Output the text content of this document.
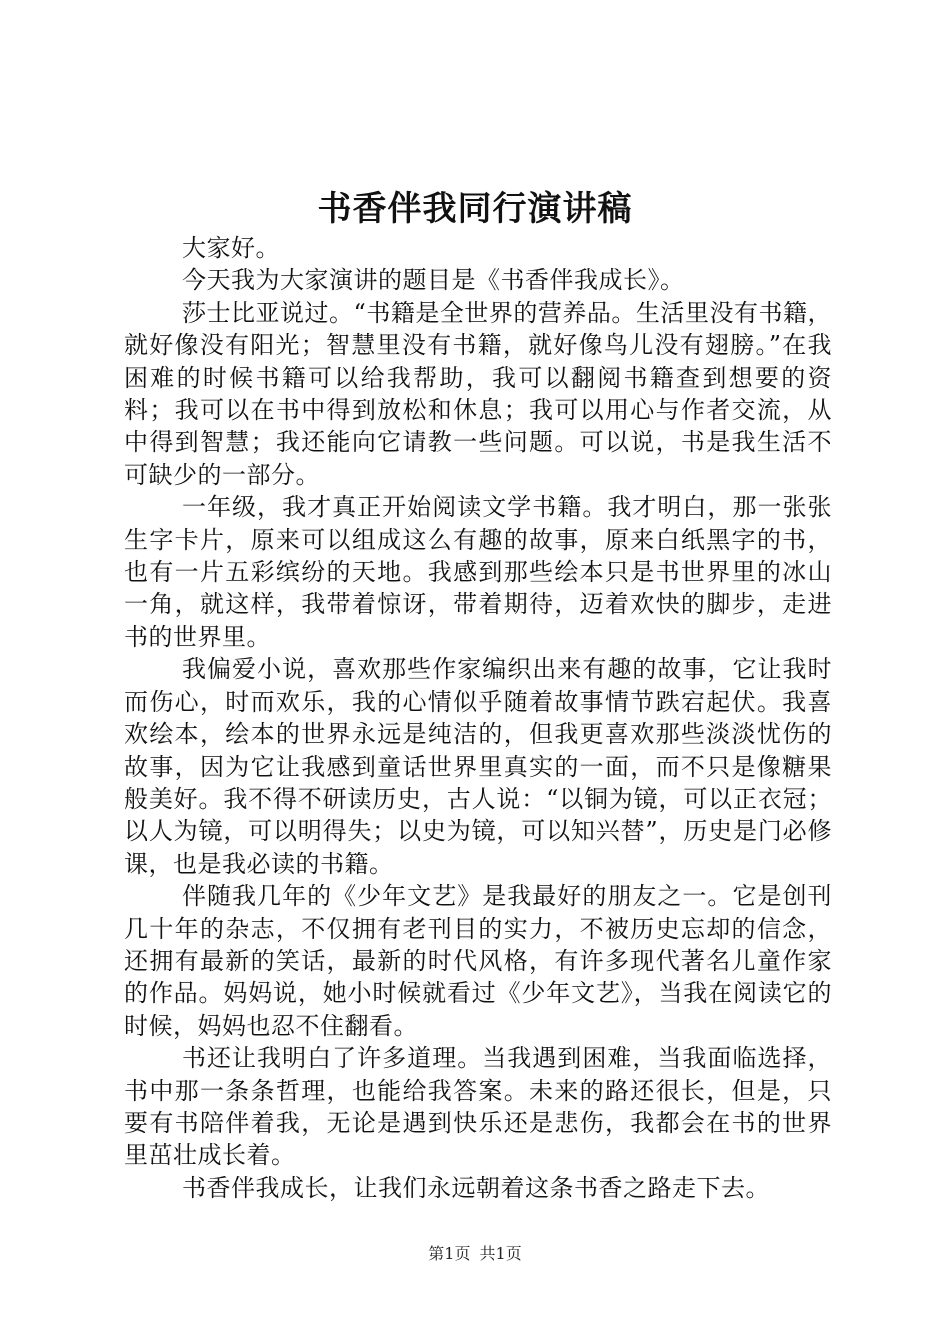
书香伴我同行演讲稿

大家好。

今天我为大家演讲的题目是《书香伴我成长》。

莎士比亚说过。“书籍是全世界的营养品。生活里没有书籍，就好像没有阳光；智慧里没有书籍，就好像鸟儿没有翅膀。”在我困难的时候书籍可以给我帮助，我可以翻阅书籍查到想要的资料；我可以在书中得到放松和休息；我可以用心与作者交流，从中得到智慧；我还能向它请教一些问题。可以说，书是我生活不可缺少的一部分。

一年级，我才真正开始阅读文学书籍。我才明白，那一张张生字卡片，原来可以组成这么有趣的故事，原来白纸黑字的书，也有一片五彩缤纷的天地。我感到那些绘本只是书世界里的冰山一角，就这样，我带着惊讶，带着期待，迈着欢快的脚步，走进书的世界里。

我偏爱小说，喜欢那些作家编织出来有趣的故事，它让我时而伤心，时而欢乐，我的心情似乎随着故事情节跌宕起伏。我喜欢绘本，绘本的世界永远是纯洁的，但我更喜欢那些淡淡忧伤的故事，因为它让我感到童话世界里真实的一面，而不只是像糖果般美好。我不得不研读历史，古人说：“以铜为镜，可以正衣冠；以人为镜，可以明得失；以史为镜，可以知兴替”，历史是门必修课，也是我必读的书籍。

伴随我几年的《少年文艺》是我最好的朋友之一。它是创刊几十年的杂志，不仅拥有老刊目的实力，不被历史忘却的信念，还拥有最新的笑话，最新的时代风格，有许多现代著名儿童作家的作品。妈妈说，她小时候就看过《少年文艺》，当我在阅读它的时候，妈妈也忍不住翻看。

书还让我明白了许多道理。当我遇到困难，当我面临选择，书中那一条条哲理，也能给我答案。未来的路还很长，但是，只要有书陪伴着我，无论是遇到快乐还是悲伤，我都会在书的世界里茁壮成长着。

书香伴我成长，让我们永远朝着这条书香之路走下去。

第1页 共1页
